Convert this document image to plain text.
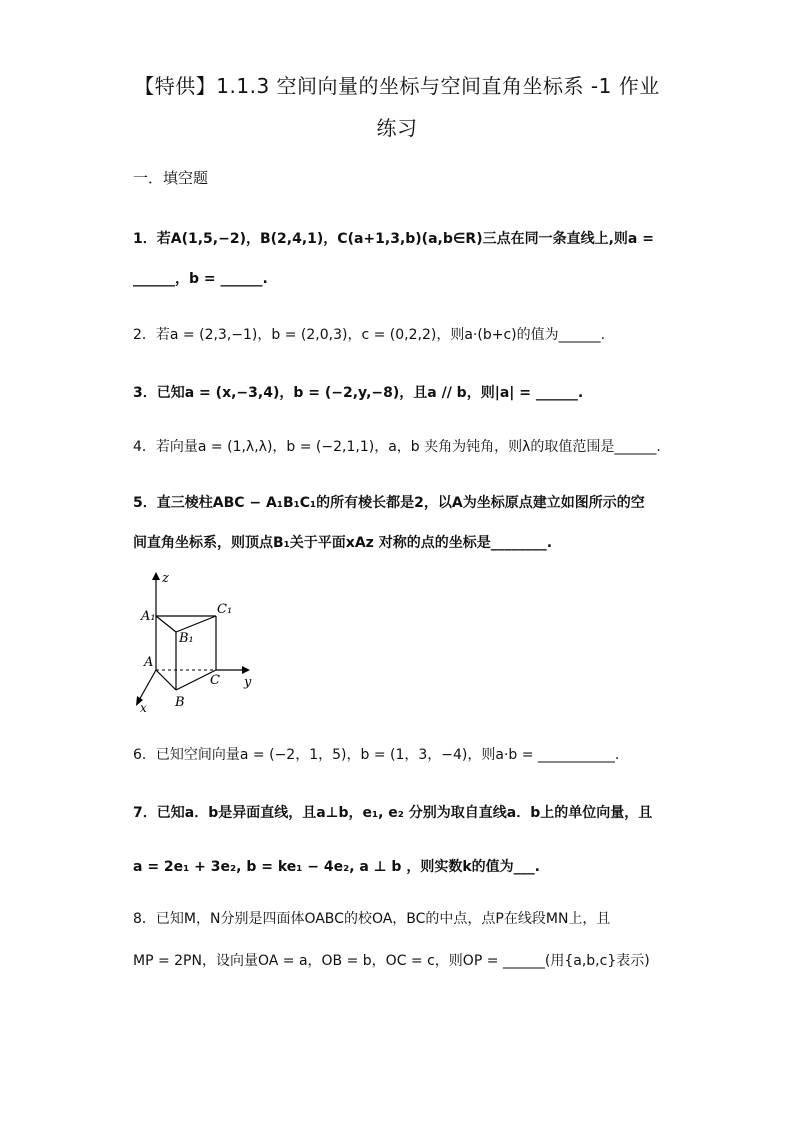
【特供】1.1.3 空间向量的坐标与空间直角坐标系 -1 作业
练习
一．填空题
1．若A(1,5,−2)，B(2,4,1)，C(a+1,3,b)(a,b∈R)三点在同一条直线上,则a =
______，b = ______.
2．若a = (2,3,−1)，b = (2,0,3)，c = (0,2,2)，则a·(b+c)的值为______.
3．已知a = (x,−3,4)，b = (−2,y,−8)，且a // b，则|a| = ______.
4．若向量a = (1,λ,λ)，b = (−2,1,1)，a，b 夹角为钝角，则λ的取值范围是______.
5．直三棱柱ABC − A₁B₁C₁的所有棱长都是2，以A为坐标原点建立如图所示的空
间直角坐标系，则顶点B₁关于平面xAz 对称的点的坐标是________.
z
y
x
A₁	C₁
B₁
A
C
B
6．已知空间向量a = (−2，1，5)，b = (1，3，−4)，则a·b = ___________.
7．已知a．b是异面直线，且a⊥b，e₁, e₂ 分别为取自直线a．b上的单位向量，且
a = 2e₁ + 3e₂, b = ke₁ − 4e₂, a ⊥ b ，则实数k的值为___.
8．已知M，N分别是四面体OABC的校OA，BC的中点，点P在线段MN上，且
MP = 2PN，设向量OA = a，OB = b，OC = c，则OP = ______(用{a,b,c}表示)
